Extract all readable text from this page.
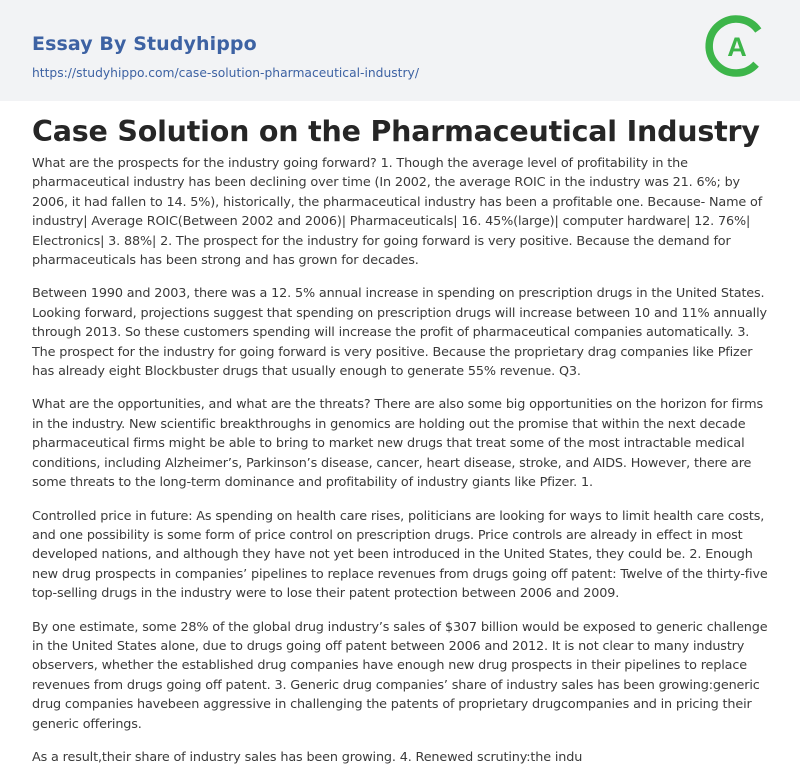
Essay By Studyhippo
https://studyhippo.com/case-solution-pharmaceutical-industry/
A
Case Solution on the Pharmaceutical Industry

What are the prospects for the industry going forward? 1. Though the average level of profitability in the pharmaceutical industry has been declining over time (In 2002, the average ROIC in the industry was 21. 6%; by 2006, it had fallen to 14. 5%), historically, the pharmaceutical industry has been a profitable one. Because- Name of industry| Average ROIC(Between 2002 and 2006)| Pharmaceuticals| 16. 45%(large)| computer hardware| 12. 76%| Electronics| 3. 88%| 2. The prospect for the industry for going forward is very positive. Because the demand for pharmaceuticals has been strong and has grown for decades.

Between 1990 and 2003, there was a 12. 5% annual increase in spending on prescription drugs in the United States. Looking forward, projections suggest that spending on prescription drugs will increase between 10 and 11% annually through 2013. So these customers spending will increase the profit of pharmaceutical companies automatically. 3. The prospect for the industry for going forward is very positive. Because the proprietary drag companies like Pfizer has already eight Blockbuster drugs that usually enough to generate 55% revenue. Q3.

What are the opportunities, and what are the threats? There are also some big opportunities on the horizon for firms in the industry. New scientific breakthroughs in genomics are holding out the promise that within the next decade pharmaceutical firms might be able to bring to market new drugs that treat some of the most intractable medical conditions, including Alzheimer’s, Parkinson’s disease, cancer, heart disease, stroke, and AIDS. However, there are some threats to the long-term dominance and profitability of industry giants like Pfizer. 1.

Controlled price in future: As spending on health care rises, politicians are looking for ways to limit health care costs, and one possibility is some form of price control on prescription drugs. Price controls are already in effect in most developed nations, and although they have not yet been introduced in the United States, they could be. 2. Enough new drug prospects in companies’ pipelines to replace revenues from drugs going off patent: Twelve of the thirty-five top-selling drugs in the industry were to lose their patent protection between 2006 and 2009.

By one estimate, some 28% of the global drug industry’s sales of $307 billion would be exposed to generic challenge in the United States alone, due to drugs going off patent between 2006 and 2012. It is not clear to many industry observers, whether the established drug companies have enough new drug prospects in their pipelines to replace revenues from drugs going off patent. 3. Generic drug companies’ share of industry sales has been growing:generic drug companies havebeen aggressive in challenging the patents of proprietary drugcompanies and in pricing their generic offerings.

As a result,their share of industry sales has been growing. 4. Renewed scrutiny:the indu
